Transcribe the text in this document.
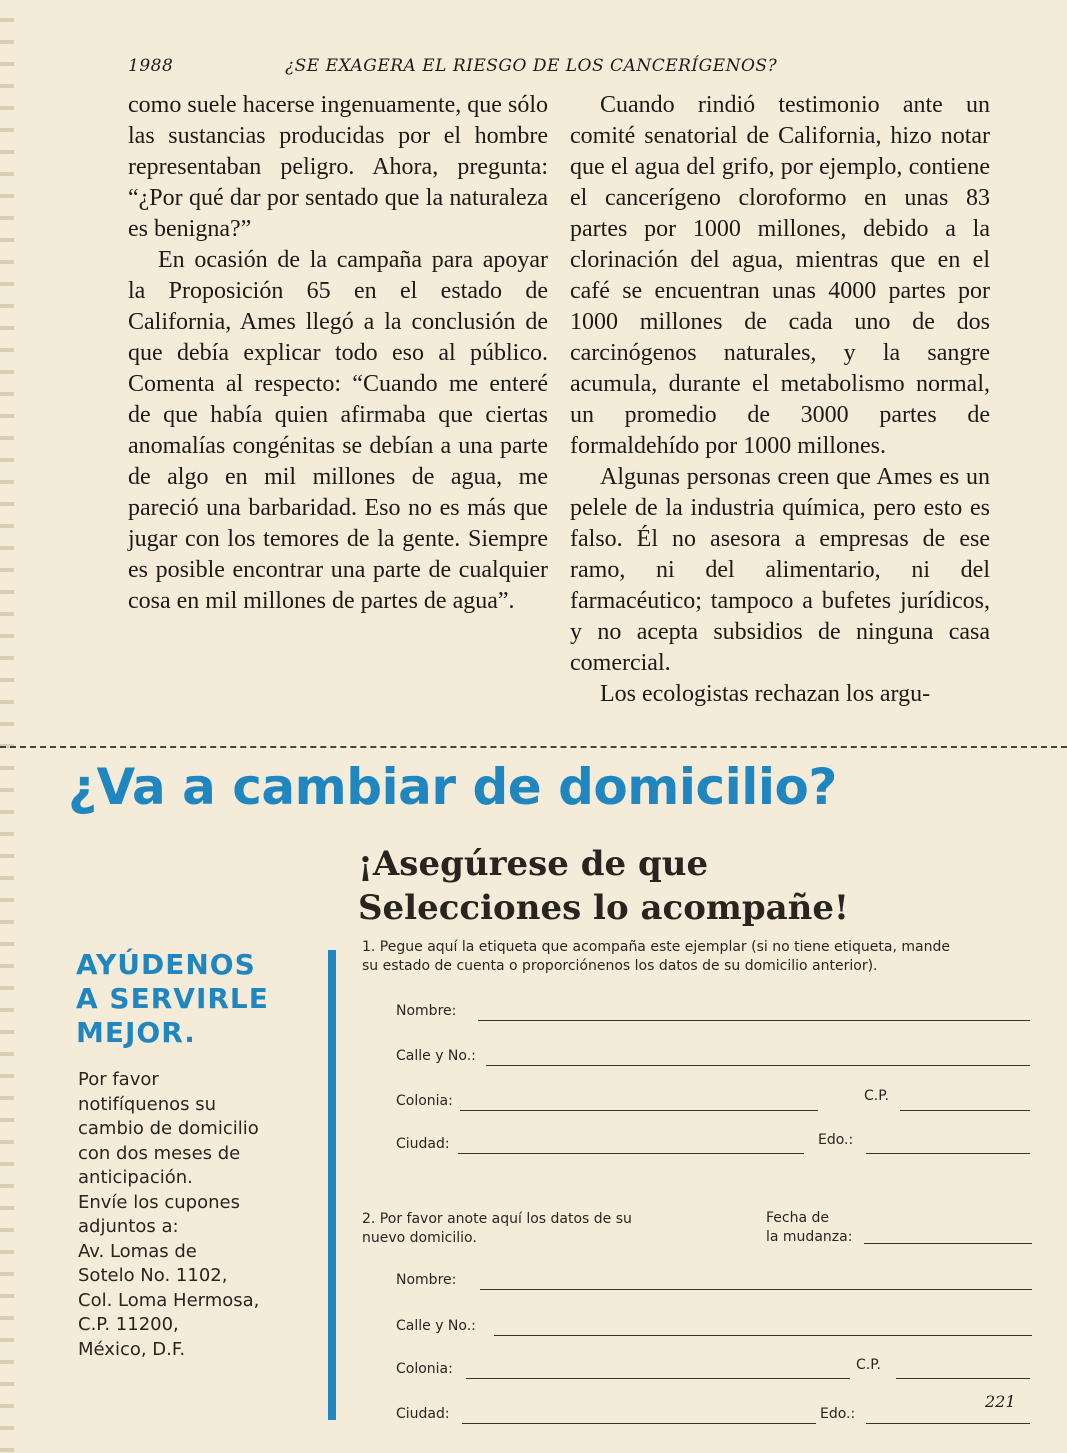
1988	¿SE EXAGERA EL RIESGO DE LOS CANCERÍGENOS?

como suele hacerse ingenuamente, que sólo las sustancias producidas por el hombre representaban peligro. Ahora, pregunta: “¿Por qué dar por sentado que la naturaleza es benigna?”

En ocasión de la campaña para apoyar la Proposición 65 en el estado de California, Ames llegó a la conclusión de que debía explicar todo eso al público. Comenta al respecto: “Cuando me enteré de que había quien afirmaba que ciertas anomalías congénitas se debían a una parte de algo en mil millones de agua, me pareció una barbaridad. Eso no es más que jugar con los temores de la gente. Siempre es posible encontrar una parte de cualquier cosa en mil millones de partes de agua”.

Cuando rindió testimonio ante un comité senatorial de California, hizo notar que el agua del grifo, por ejemplo, contiene el cancerígeno cloroformo en unas 83 partes por 1000 millones, debido a la clorinación del agua, mientras que en el café se encuentran unas 4000 partes por 1000 millones de cada uno de dos carcinógenos naturales, y la sangre acumula, durante el metabolismo normal, un promedio de 3000 partes de formaldehído por 1000 millones.

Algunas personas creen que Ames es un pelele de la industria química, pero esto es falso. Él no asesora a empresas de ese ramo, ni del alimentario, ni del farmacéutico; tampoco a bufetes jurídicos, y no acepta subsidios de ninguna casa comercial.

Los ecologistas rechazan los argu-

¿Va a cambiar de domicilio?
¡Asegúrese de que
Selecciones lo acompañe!
AYÚDENOS
A SERVIRLE
MEJOR.
Por favor
notifíquenos su
cambio de domicilio
con dos meses de
anticipación.
Envíe los cupones
adjuntos a:
Av. Lomas de
Sotelo No. 1102,
Col. Loma Hermosa,
C.P. 11200,
México, D.F.
1. Pegue aquí la etiqueta que acompaña este ejemplar (si no tiene etiqueta, mande
su estado de cuenta o proporciónenos los datos de su domicilio anterior).
Nombre:
Calle y No.:
Colonia:	C.P.
Ciudad:	Edo.:
2. Por favor anote aquí los datos de su
nuevo domicilio.
Fecha de
la mudanza:
Nombre:
Calle y No.:
Colonia:	C.P.
Ciudad:	Edo.:
221
